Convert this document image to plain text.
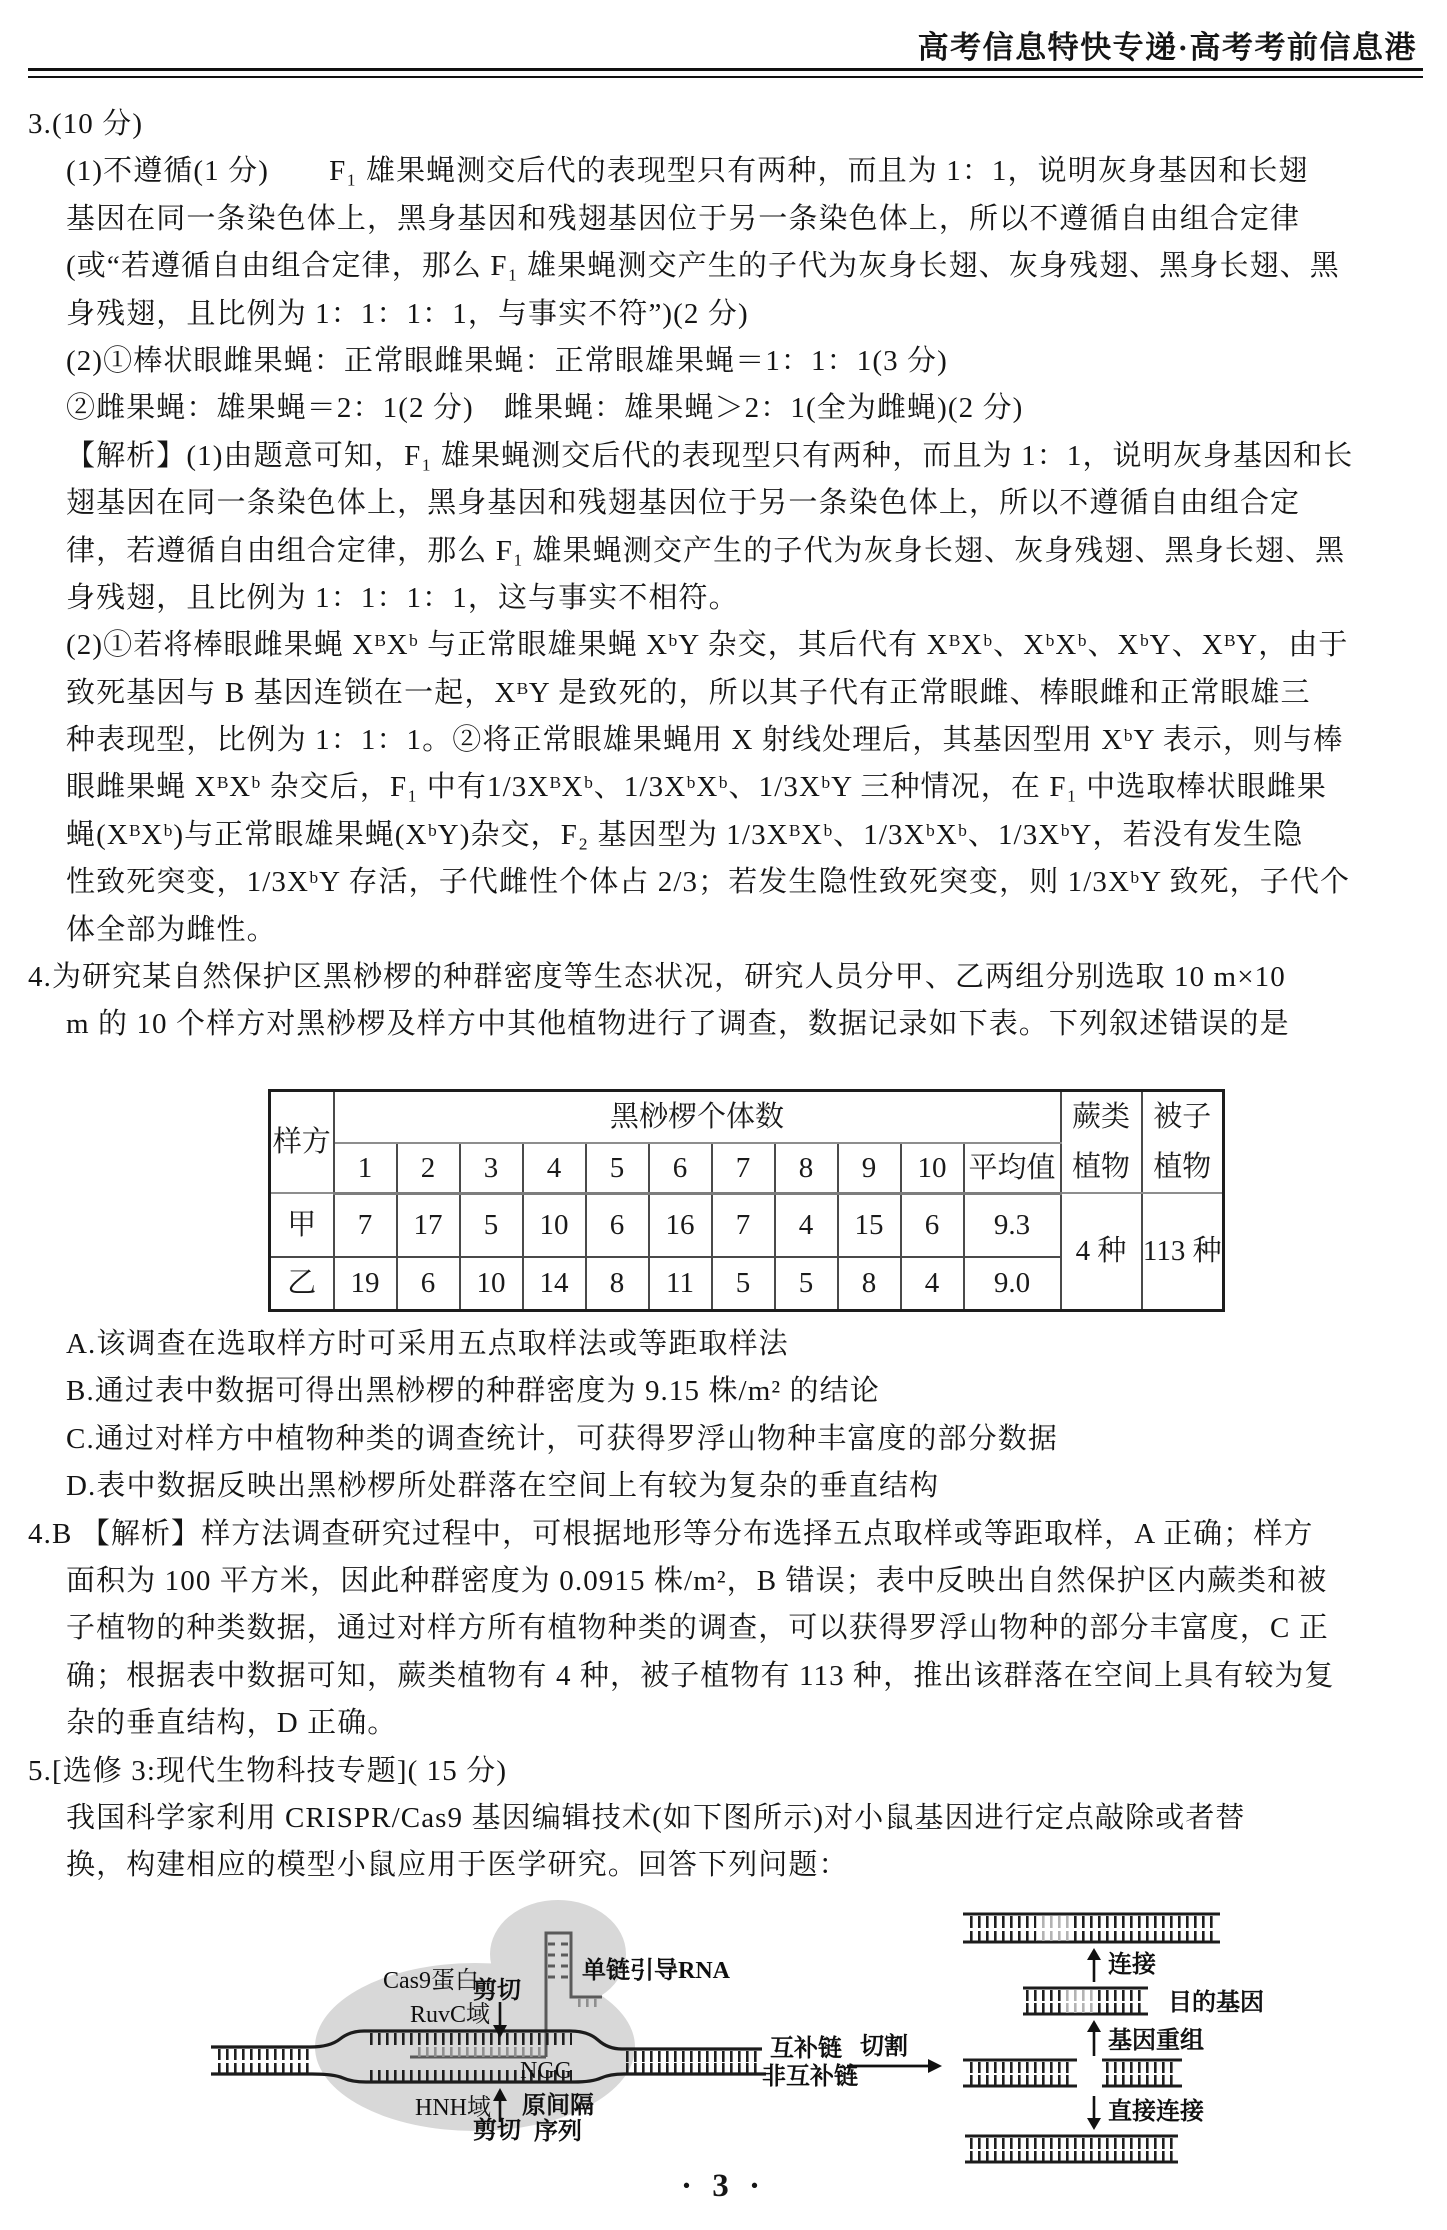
高考信息特快专递·高考考前信息港
3.(10 分)
(1)不遵循(1 分)　　F₁ 雄果蝇测交后代的表现型只有两种，而且为 1：1，说明灰身基因和长翅
基因在同一条染色体上，黑身基因和残翅基因位于另一条染色体上，所以不遵循自由组合定律
(或“若遵循自由组合定律，那么 F₁ 雄果蝇测交产生的子代为灰身长翅、灰身残翅、黑身长翅、黑
身残翅，且比例为 1：1：1：1，与事实不符”)(2 分)
(2)①棒状眼雌果蝇：正常眼雌果蝇：正常眼雄果蝇＝1：1：1(3 分)
②雌果蝇：雄果蝇＝2：1(2 分)　雌果蝇：雄果蝇＞2：1(全为雌蝇)(2 分)
【解析】(1)由题意可知，F₁ 雄果蝇测交后代的表现型只有两种，而且为 1：1，说明灰身基因和长
翅基因在同一条染色体上，黑身基因和残翅基因位于另一条染色体上，所以不遵循自由组合定
律，若遵循自由组合定律，那么 F₁ 雄果蝇测交产生的子代为灰身长翅、灰身残翅、黑身长翅、黑
身残翅，且比例为 1：1：1：1，这与事实不相符。
(2)①若将棒眼雌果蝇 XᴮXᵇ 与正常眼雄果蝇 XᵇY 杂交，其后代有 XᴮXᵇ、XᵇXᵇ、XᵇY、XᴮY，由于
致死基因与 B 基因连锁在一起，XᴮY 是致死的，所以其子代有正常眼雌、棒眼雌和正常眼雄三
种表现型，比例为 1：1：1。②将正常眼雄果蝇用 X 射线处理后，其基因型用 XᵇY 表示，则与棒
眼雌果蝇 XᴮXᵇ 杂交后，F₁ 中有1/3XᴮXᵇ、1/3XᵇXᵇ、1/3XᵇY 三种情况，在 F₁ 中选取棒状眼雌果
蝇(XᴮXᵇ)与正常眼雄果蝇(XᵇY)杂交，F₂ 基因型为 1/3XᴮXᵇ、1/3XᵇXᵇ、1/3XᵇY，若没有发生隐
性致死突变，1/3XᵇY 存活，子代雌性个体占 2/3；若发生隐性致死突变，则 1/3XᵇY 致死，子代个
体全部为雌性。
4.为研究某自然保护区黑桫椤的种群密度等生态状况，研究人员分甲、乙两组分别选取 10 m×10
m 的 10 个样方对黑桫椤及样方中其他植物进行了调查，数据记录如下表。下列叙述错误的是
样方	黑桫椤个体数											蕨类植物	被子植物
	1	2	3	4	5	6	7	8	9	10	平均值		
甲	7	17	5	10	6	16	7	4	15	6	9.3	4 种	113 种
乙	19	6	10	14	8	11	5	5	8	4	9.0		
A.该调查在选取样方时可采用五点取样法或等距取样法
B.通过表中数据可得出黑桫椤的种群密度为 9.15 株/m² 的结论
C.通过对样方中植物种类的调查统计，可获得罗浮山物种丰富度的部分数据
D.表中数据反映出黑桫椤所处群落在空间上有较为复杂的垂直结构
4.B 【解析】样方法调查研究过程中，可根据地形等分布选择五点取样或等距取样，A 正确；样方
面积为 100 平方米，因此种群密度为 0.0915 株/m²，B 错误；表中反映出自然保护区内蕨类和被
子植物的种类数据，通过对样方所有植物种类的调查，可以获得罗浮山物种的部分丰富度，C 正
确；根据表中数据可知，蕨类植物有 4 种，被子植物有 113 种，推出该群落在空间上具有较为复
杂的垂直结构，D 正确。
5.[选修 3:现代生物科技专题]( 15 分)
我国科学家利用 CRISPR/Cas9 基因编辑技术(如下图所示)对小鼠基因进行定点敲除或者替
换，构建相应的模型小鼠应用于医学研究。回答下列问题：
Cas9蛋白
剪切
RuvC域
单链引导RNA
NGG
HNH域
剪切
原间隔
序列
互补链
非互补链
切割
连接
目的基因
基因重组
直接连接
· 3 ·
